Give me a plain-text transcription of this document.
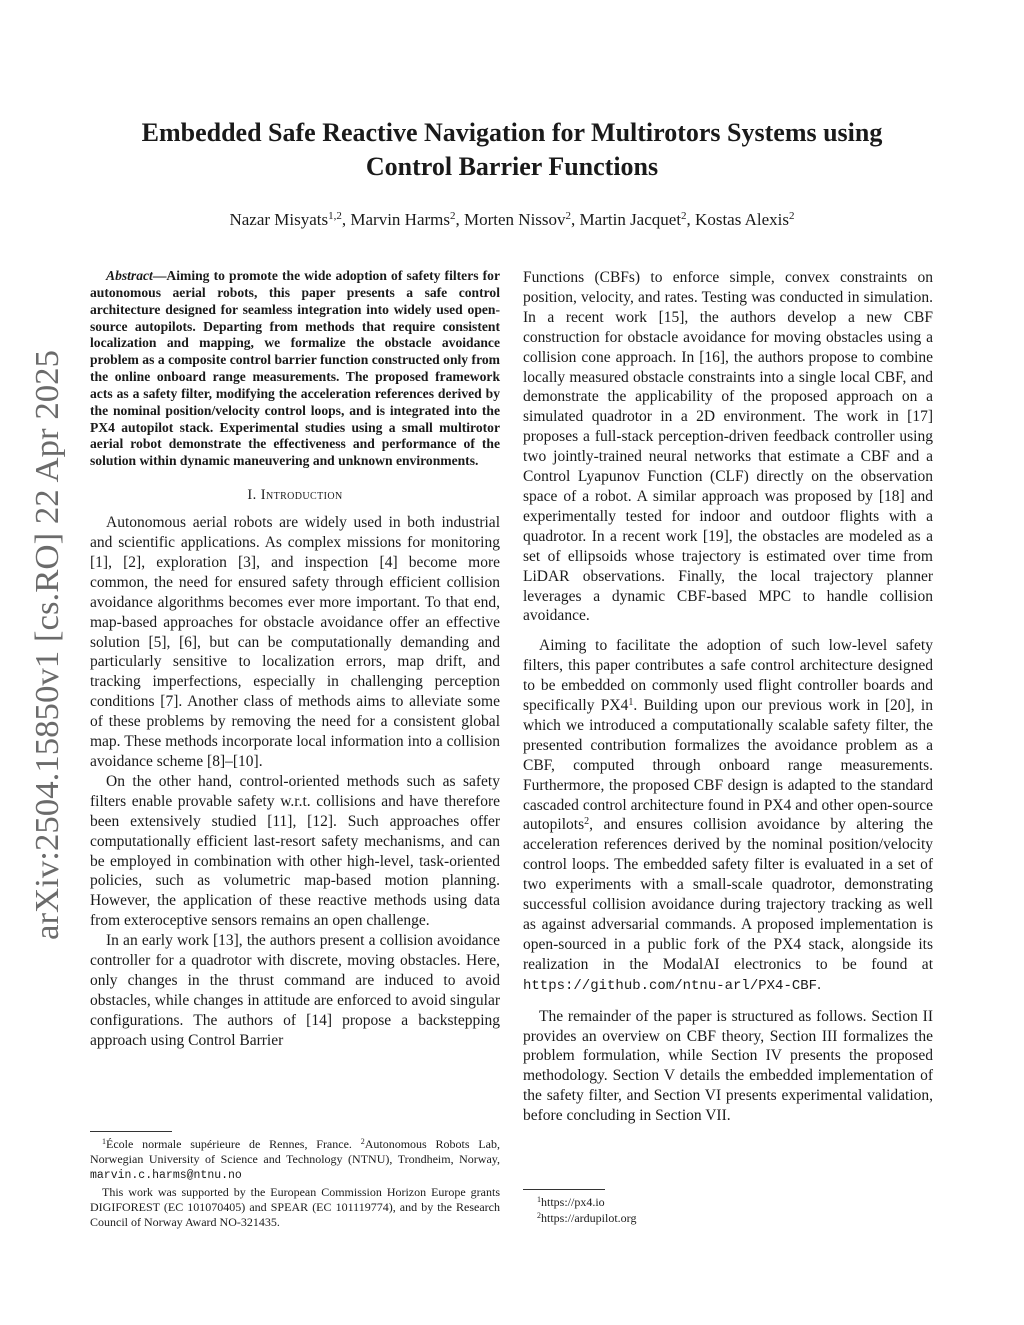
arXiv:2504.15850v1 [cs.RO] 22 Apr 2025
Embedded Safe Reactive Navigation for Multirotors Systems using Control Barrier Functions
Nazar Misyats$^{1,2}$, Marvin Harms$^2$, Morten Nissov$^2$, Martin Jacquet$^2$, Kostas Alexis$^2$

Abstract—Aiming to promote the wide adoption of safety filters for autonomous aerial robots, this paper presents a safe control architecture designed for seamless integration into widely used open-source autopilots. Departing from methods that require consistent localization and mapping, we formalize the obstacle avoidance problem as a composite control barrier function constructed only from the online onboard range measurements. The proposed framework acts as a safety filter, modifying the acceleration references derived by the nominal position/velocity control loops, and is integrated into the PX4 autopilot stack. Experimental studies using a small multirotor aerial robot demonstrate the effectiveness and performance of the solution within dynamic maneuvering and unknown environments.

I. Introduction

Autonomous aerial robots are widely used in both industrial and scientific applications. As complex missions for monitoring [1], [2], exploration [3], and inspection [4] become more common, the need for ensured safety through efficient collision avoidance algorithms becomes ever more important. To that end, map-based approaches for obstacle avoidance offer an effective solution [5], [6], but can be computationally demanding and particularly sensitive to localization errors, map drift, and tracking imperfections, especially in challenging perception conditions [7]. Another class of methods aims to alleviate some of these problems by removing the need for a consistent global map. These methods incorporate local information into a collision avoidance scheme [8]–[10].

On the other hand, control-oriented methods such as safety filters enable provable safety w.r.t. collisions and have therefore been extensively studied [11], [12]. Such approaches offer computationally efficient last-resort safety mechanisms, and can be employed in combination with other high-level, task-oriented policies, such as volumetric map-based motion planning. However, the application of these reactive methods using data from exteroceptive sensors remains an open challenge.

In an early work [13], the authors present a collision avoidance controller for a quadrotor with discrete, moving obstacles. Here, only changes in the thrust command are induced to avoid obstacles, while changes in attitude are enforced to avoid singular configurations. The authors of [14] propose a backstepping approach using Control Barrier

Functions (CBFs) to enforce simple, convex constraints on position, velocity, and rates. Testing was conducted in simulation. In a recent work [15], the authors develop a new CBF construction for obstacle avoidance for moving obstacles using a collision cone approach. In [16], the authors propose to combine locally measured obstacle constraints into a single local CBF, and demonstrate the applicability of the proposed approach on a simulated quadrotor in a 2D environment. The work in [17] proposes a full-stack perception-driven feedback controller using two jointly-trained neural networks that estimate a CBF and a Control Lyapunov Function (CLF) directly on the observation space of a robot. A similar approach was proposed by [18] and experimentally tested for indoor and outdoor flights with a quadrotor. In a recent work [19], the obstacles are modeled as a set of ellipsoids whose trajectory is estimated over time from LiDAR observations. Finally, the local trajectory planner leverages a dynamic CBF-based MPC to handle collision avoidance.

Aiming to facilitate the adoption of such low-level safety filters, this paper contributes a safe control architecture designed to be embedded on commonly used flight controller boards and specifically $PX4^1$. Building upon our previous work in [20], in which we introduced a computationally scalable safety filter, the presented contribution formalizes the avoidance problem as a CBF, computed through onboard range measurements. Furthermore, the proposed CBF design is adapted to the standard cascaded control architecture found in PX4 and other open-source autopilots$^2$, and ensures collision avoidance by altering the acceleration references derived by the nominal position/velocity control loops. The embedded safety filter is evaluated in a set of two experiments with a small-scale quadrotor, demonstrating successful collision avoidance during trajectory tracking as well as against adversarial commands. A proposed implementation is open-sourced in a public fork of the PX4 stack, alongside its realization in the ModalAI electronics to be found at https://github.com/ntnu-arl/PX4-CBF.

The remainder of the paper is structured as follows. Section II provides an overview on CBF theory, Section III formalizes the problem formulation, while Section IV presents the proposed methodology. Section V details the embedded implementation of the safety filter, and Section VI presents experimental validation, before concluding in Section VII.

$^1$École normale supérieure de Rennes, France. $^2$Autonomous Robots Lab, Norwegian University of Science and Technology (NTNU), Trondheim, Norway, marvin.c.harms@ntnu.no

This work was supported by the European Commission Horizon Europe grants DIGIFOREST (EC 101070405) and SPEAR (EC 101119774), and by the Research Council of Norway Award NO-321435.

$^1$https://px4.io

$^2$https://ardupilot.org
